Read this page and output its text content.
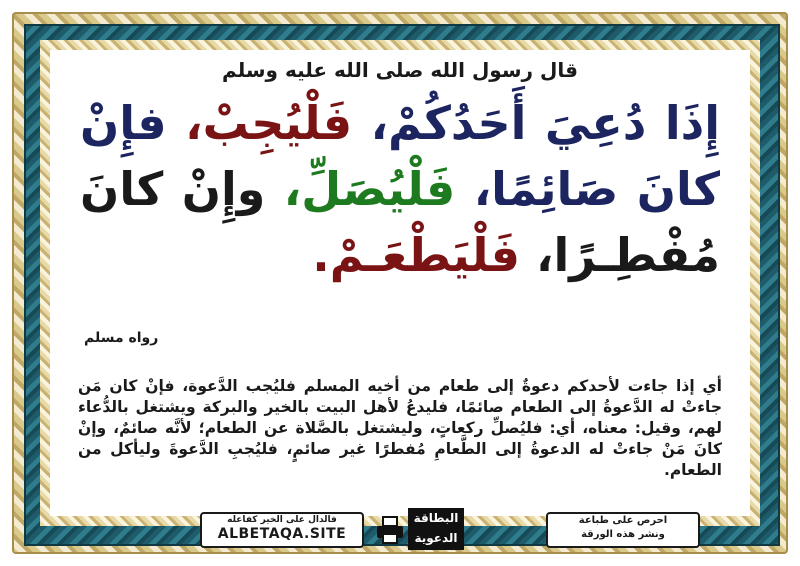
قال رسول الله صلى الله عليه وسلم
إِذَا دُعِيَ أَحَدُكُمْ، فَلْيُجِبْ، فإِنْ كانَ صَائِمًا، فَلْيُصَلِّ، وإِنْ كانَ مُفْطِـرًا، فَلْيَطْعَـمْ.
رواه مسلم
أي إذا جاءت لأحدكم دعوةٌ إلى طعام من أخيه المسلم فليُجب الدَّعوة، فإنْ كان مَن جاءتْ له الدَّعوةُ إلى الطعام صائمًا، فليدعُ لأهل البيت بالخير والبركة ويشتغل بالدُّعاء لهم، وقيل: معناه، أي: فليُصلِّ ركعاتٍ، وليشتغل بالصَّلاة عن الطعام؛ لأنَّه صائمٌ، وإنْ كانَ مَنْ جاءتْ له الدعوةُ إلى الطَّعامِ مُفطرًا غير صائمٍ، فليُجبِ الدَّعوةَ وليأكل من الطعام.
احرص على طباعة
ونشر هذه الورقة
البطاقة
الدعوية
فالدال على الخير كفاعله
ALBETAQA.SITE
